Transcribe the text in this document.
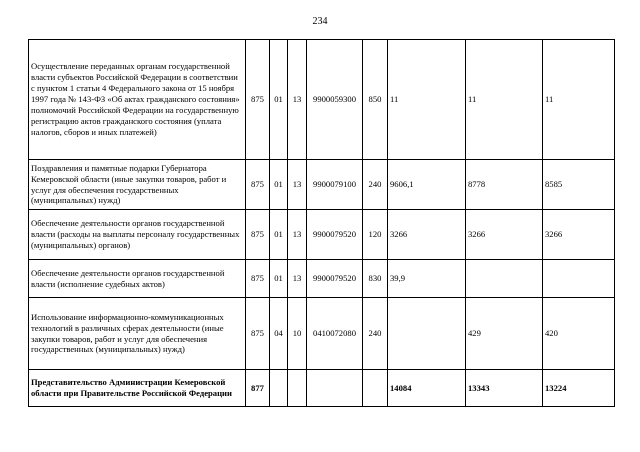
234
Осуществление переданных органам государственной власти субъектов Российской Федерации в соответствии с пунктом 1 статьи 4 Федерального закона от 15 ноября 1997 года № 143-ФЗ «Об актах гражданского состояния» полномочий Российской Федерации на государственную регистрацию актов гражданского состояния (уплата налогов, сборов и иных платежей)	875	01	13	9900059300	850	11	11	11
Поздравления и памятные подарки Губернатора Кемеровской области (иные закупки товаров, работ и услуг для обеспечения государственных (муниципальных) нужд)	875	01	13	9900079100	240	9606,1	8778	8585
Обеспечение деятельности органов государственной власти (расходы на выплаты персоналу государственных (муниципальных) органов)	875	01	13	9900079520	120	3266	3266	3266
Обеспечение деятельности органов государственной власти (исполнение судебных актов)	875	01	13	9900079520	830	39,9		
Использование информационно-коммуникационных технологий в различных сферах деятельности (иные закупки товаров, работ и услуг для обеспечения государственных (муниципальных) нужд)	875	04	10	0410072080	240		429	420
Представительство Администрации Кемеровской области при Правительстве Российской Федерации	877					14084	13343	13224
